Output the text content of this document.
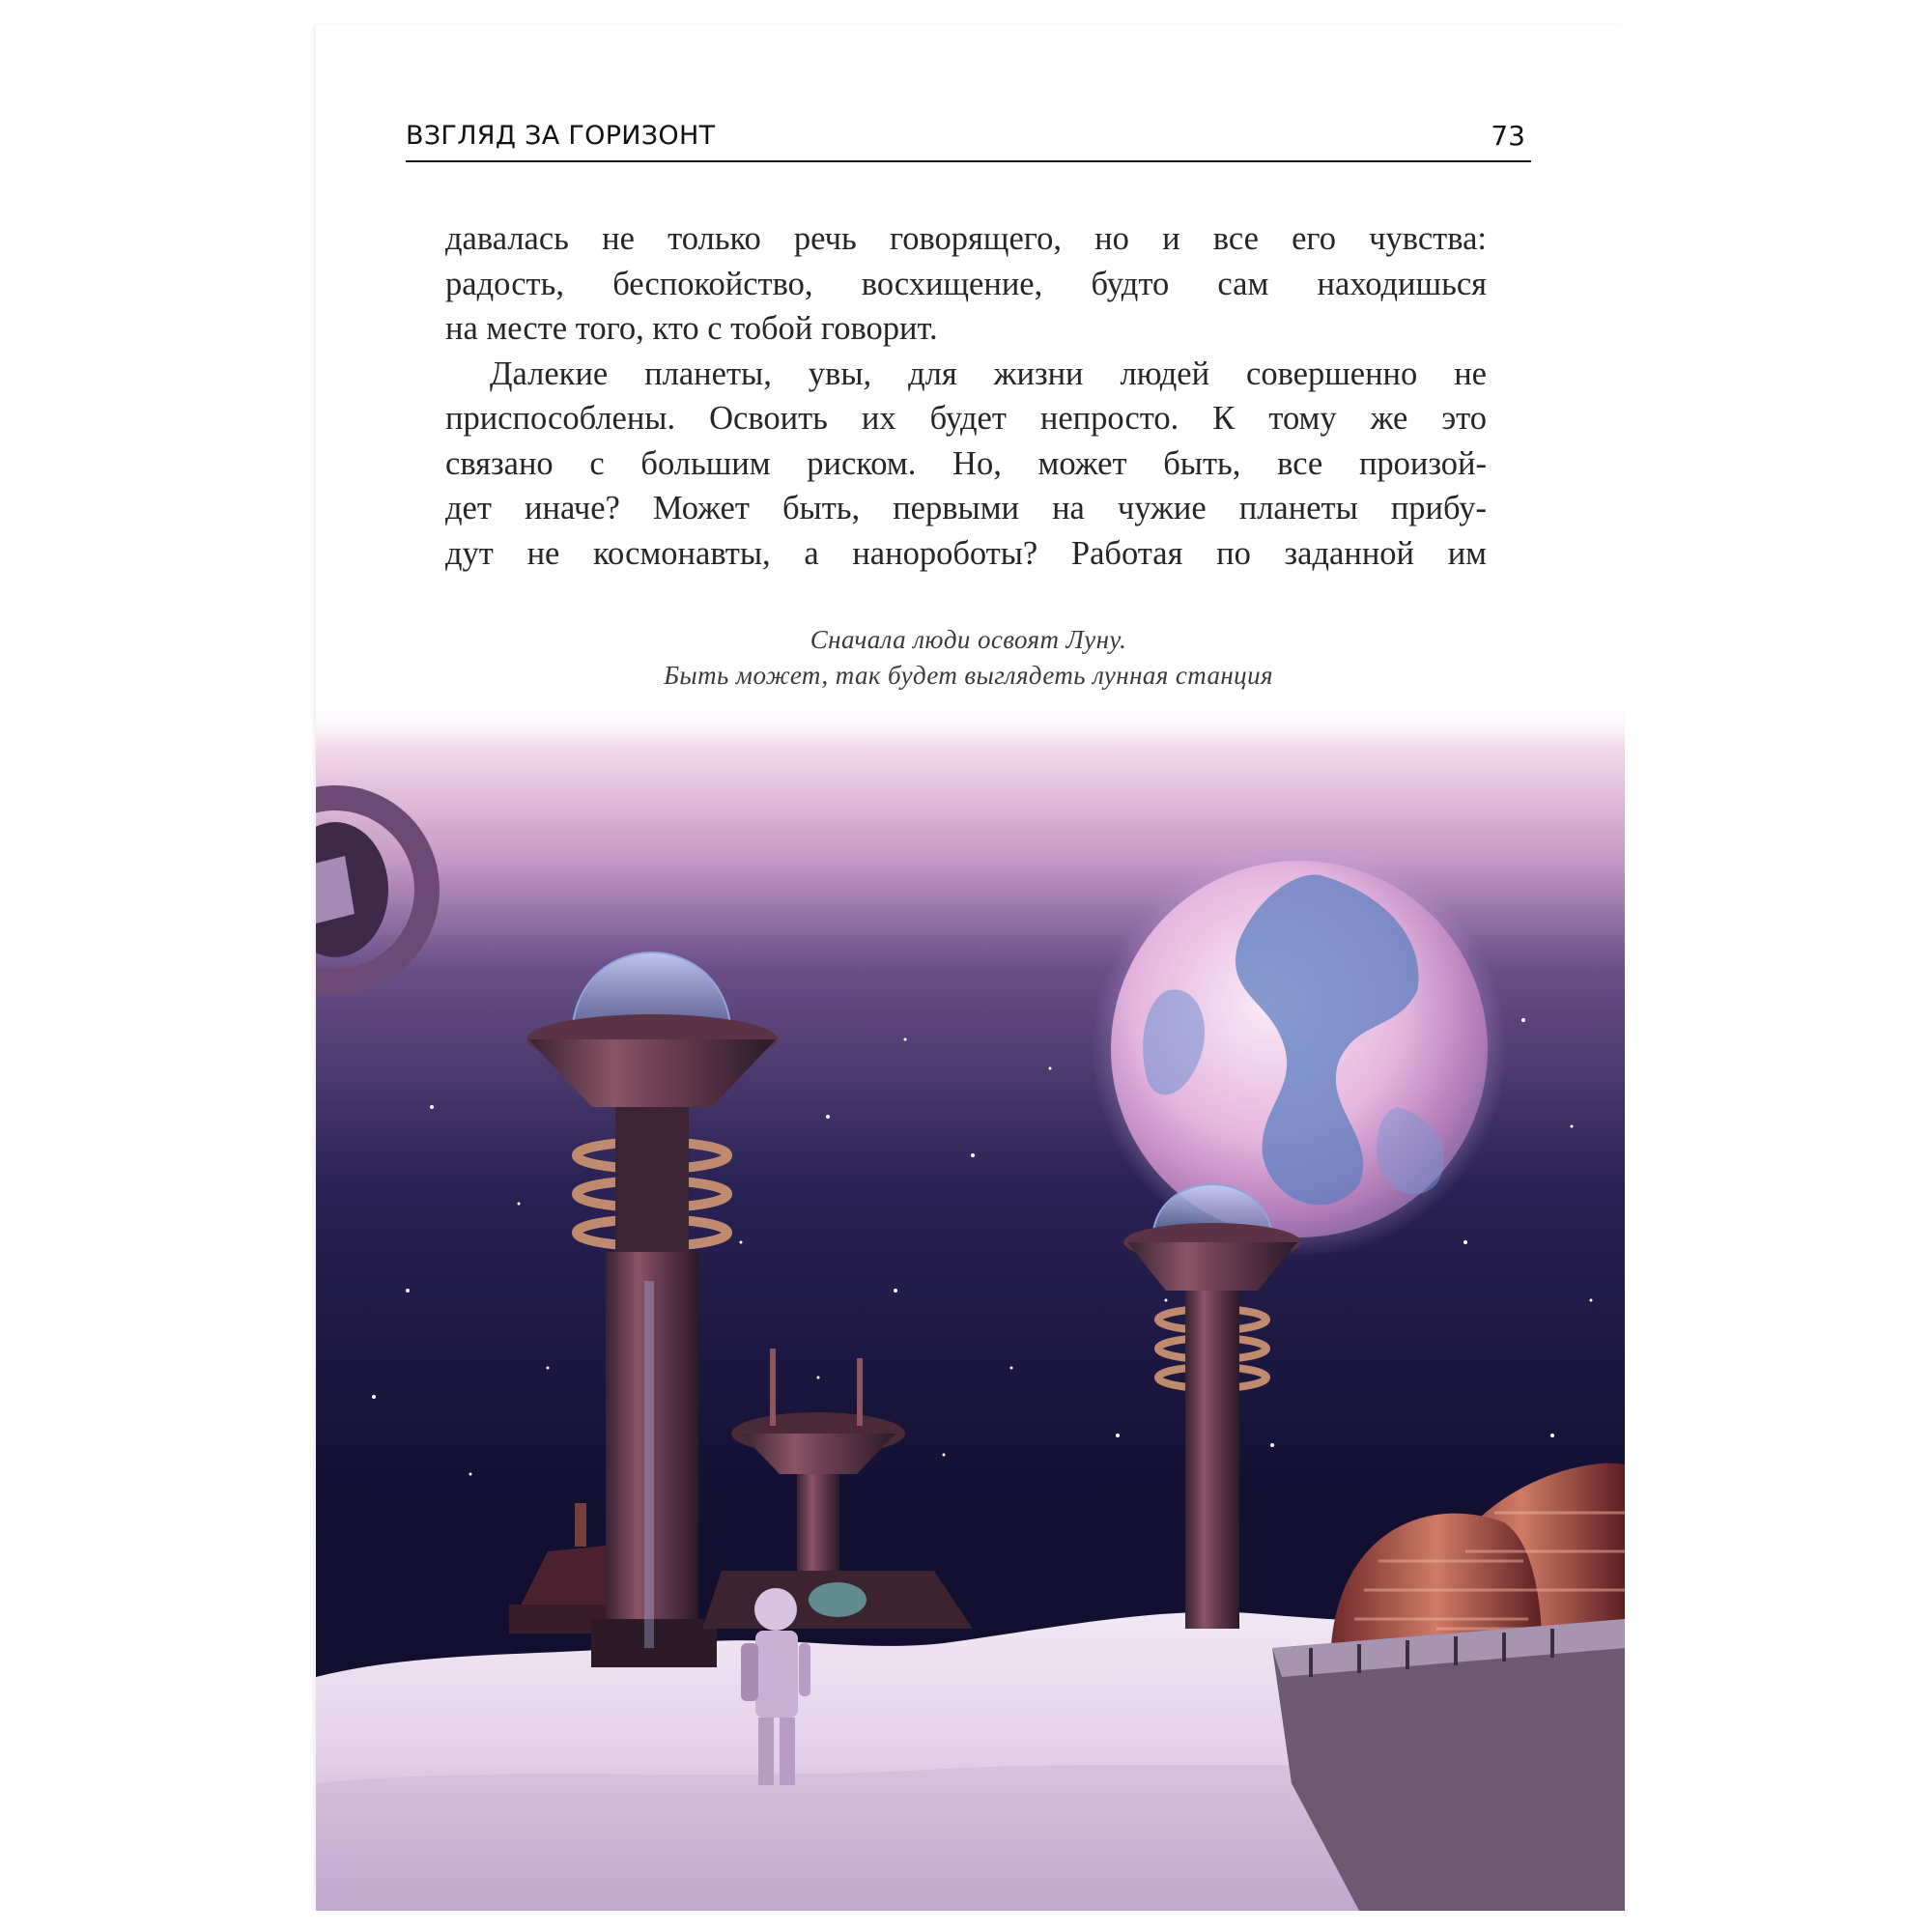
ВЗГЛЯД ЗА ГОРИЗОНТ	73
давалась не только речь говорящего, но и все его чувства:
радость, беспокойство, восхищение, будто сам находишься
на месте того, кто с тобой говорит.
Далекие планеты, увы, для жизни людей совершенно не
приспособлены. Освоить их будет непросто. К тому же это
связано с большим риском. Но, может быть, все произой-
дет иначе? Может быть, первыми на чужие планеты прибу-
дут не космонавты, а нанороботы? Работая по заданной им
Сначала люди освоят Луну.
Быть может, так будет выглядеть лунная станция
